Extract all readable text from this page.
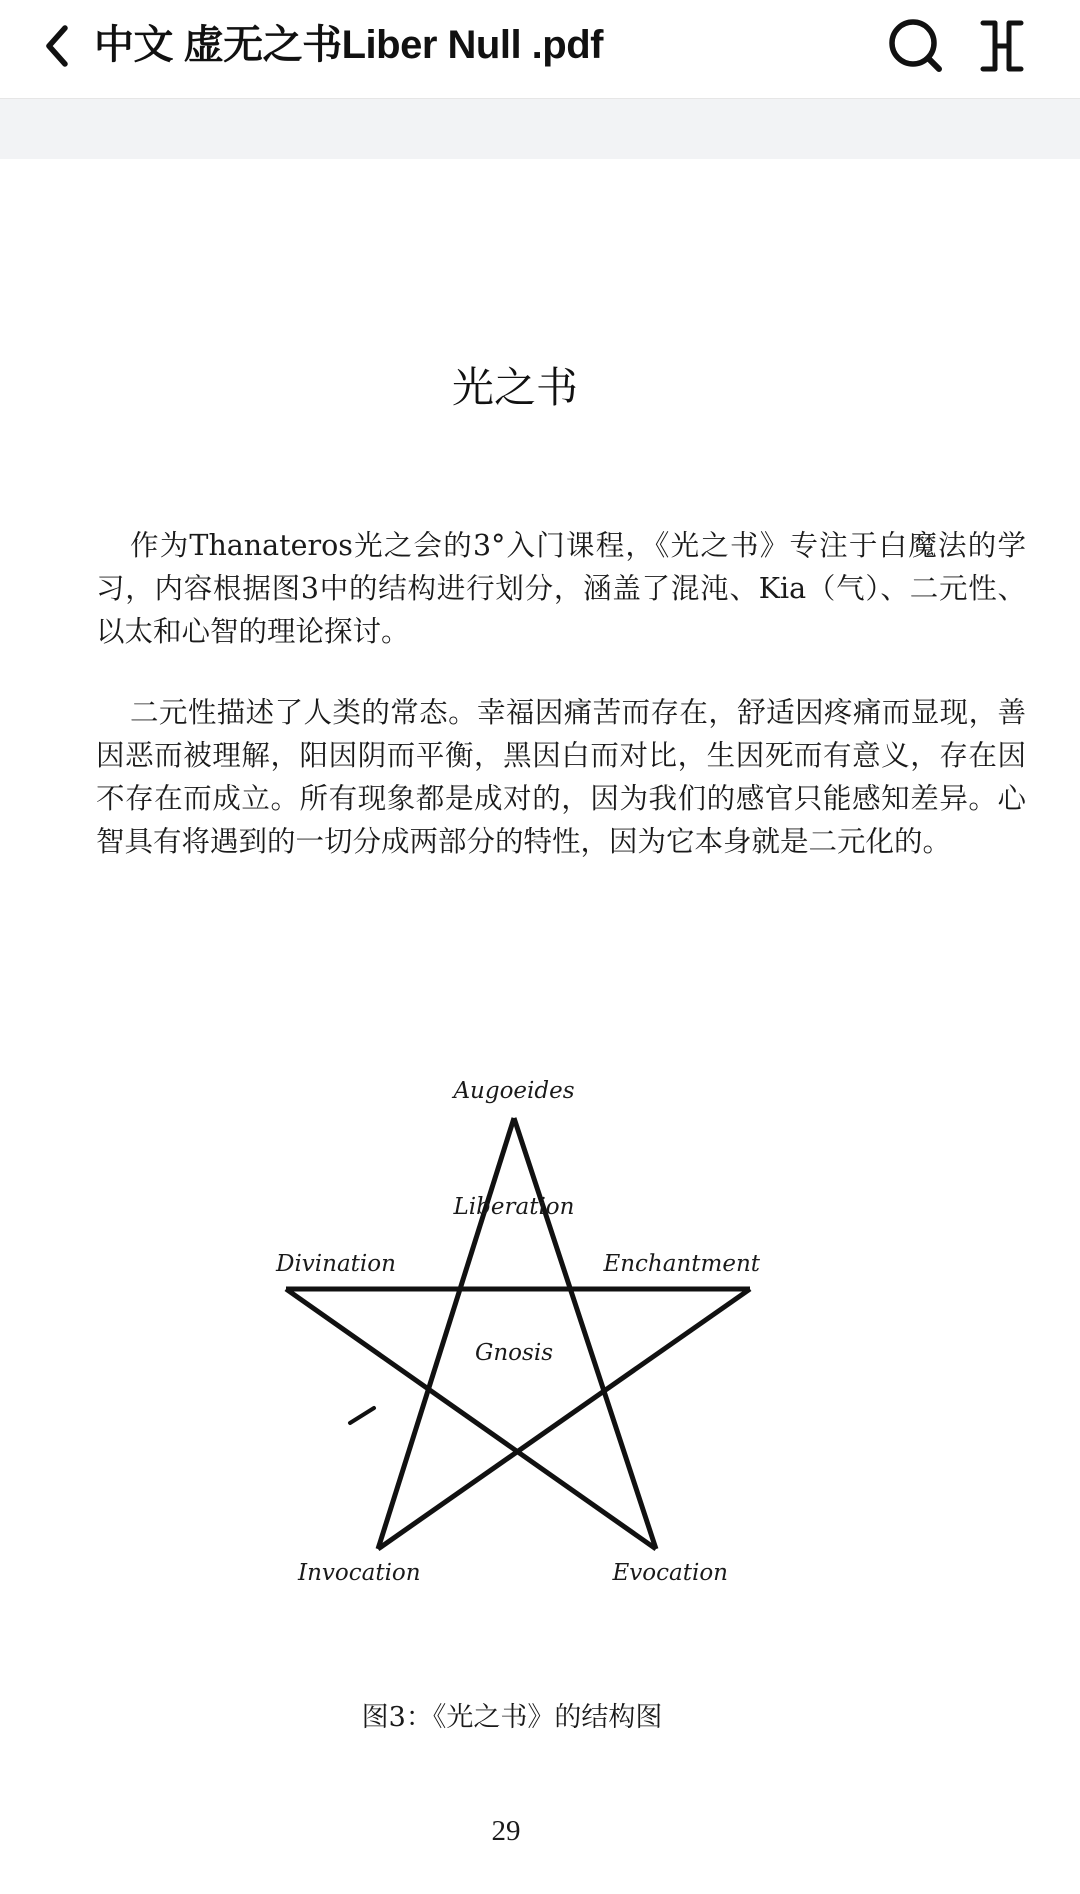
中文 虚无之书Liber Null .pdf
光之书

作为Thanateros光之会的3°入门课程，《光之书》专注于白魔法的学习，内容根据图3中的结构进行划分，涵盖了混沌、Kia（气）、二元性、以太和心智的理论探讨。

二元性描述了人类的常态。幸福因痛苦而存在，舒适因疼痛而显现，善因恶而被理解，阳因阴而平衡，黑因白而对比，生因死而有意义，存在因不存在而成立。所有现象都是成对的，因为我们的感官只能感知差异。心智具有将遇到的一切分成两部分的特性，因为它本身就是二元化的。

Augoeides
Liberation
Divination	Enchantment
Gnosis
Invocation	Evocation
图3：《光之书》的结构图
29
